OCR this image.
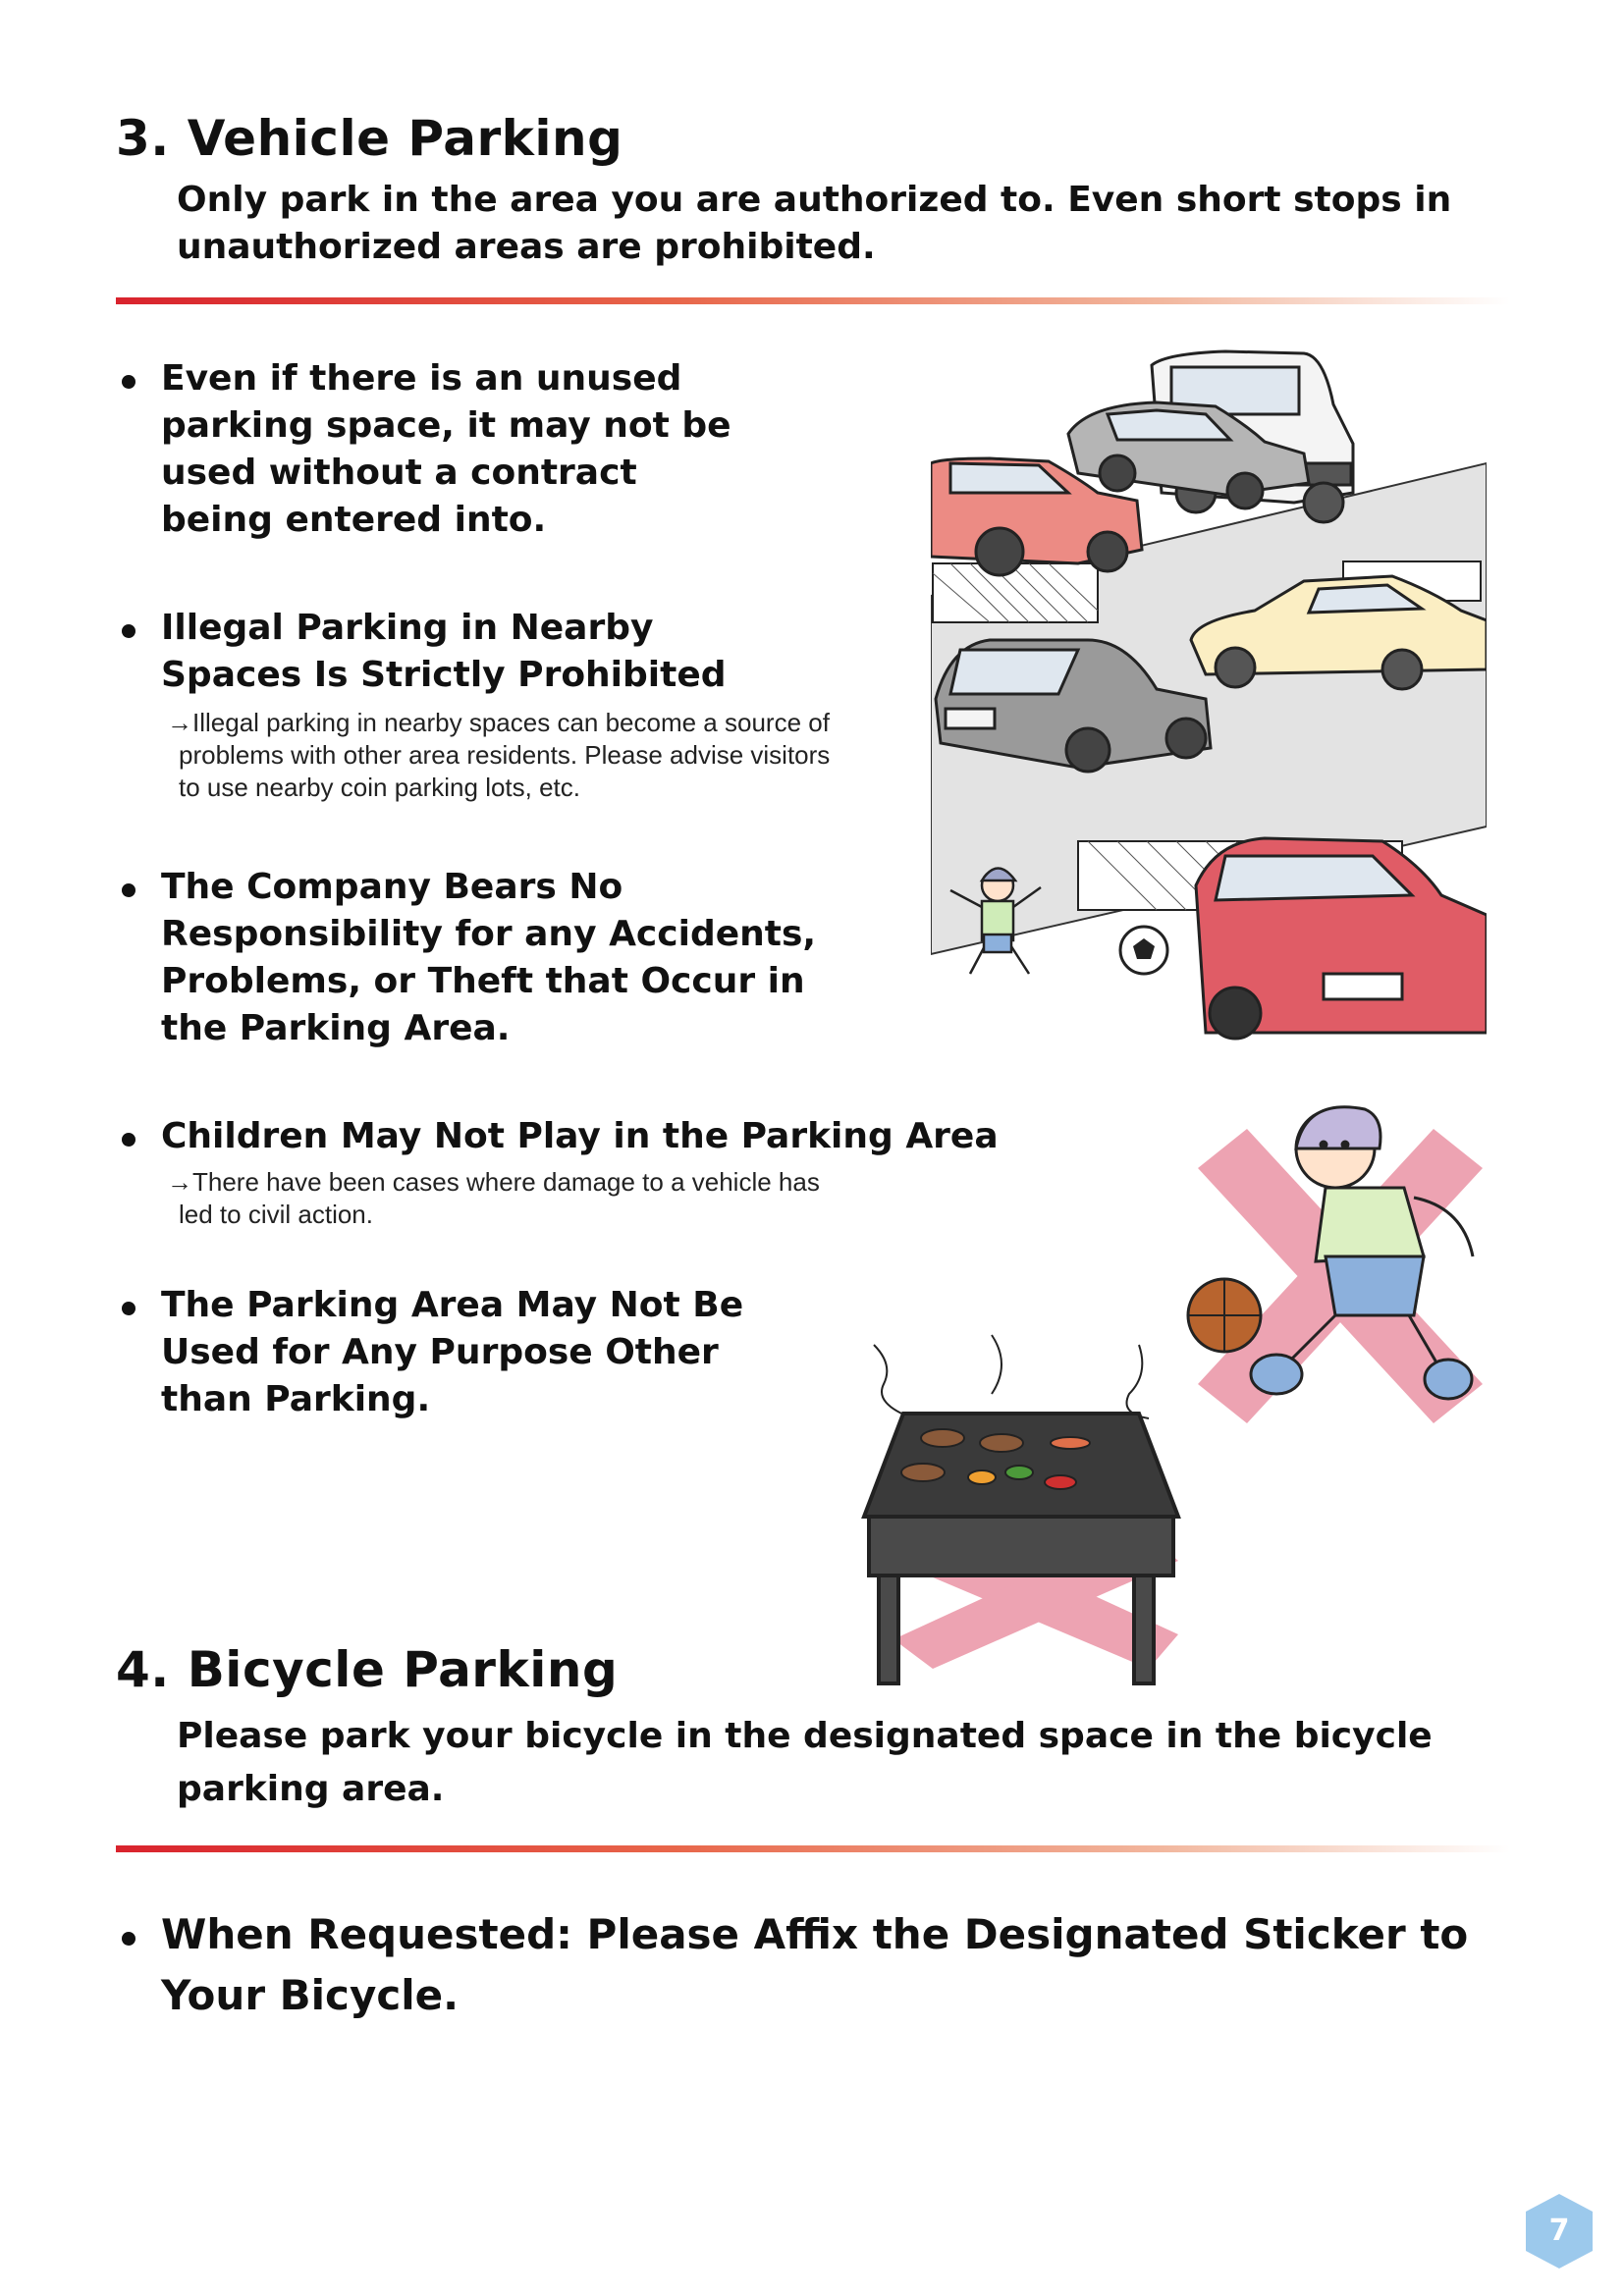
3. Vehicle Parking
Only park in the area you are authorized to. Even short stops in unauthorized areas are prohibited.
Even if there is an unused parking space, it may not be used without a contract being entered into.
Illegal Parking in Nearby Spaces Is Strictly Prohibited
→Illegal parking in nearby spaces can become a source of problems with other area residents. Please advise visitors to use nearby coin parking lots, etc.
The Company Bears No Responsibility for any Accidents, Problems, or Theft that Occur in the Parking Area.
Children May Not Play in the Parking Area
→There have been cases where damage to a vehicle has led to civil action.
The Parking Area May Not Be Used for Any Purpose Other than Parking.
4. Bicycle Parking
Please park your bicycle in the designated space in the bicycle parking area.
When Requested: Please Affix the Designated Sticker to Your Bicycle.
7
